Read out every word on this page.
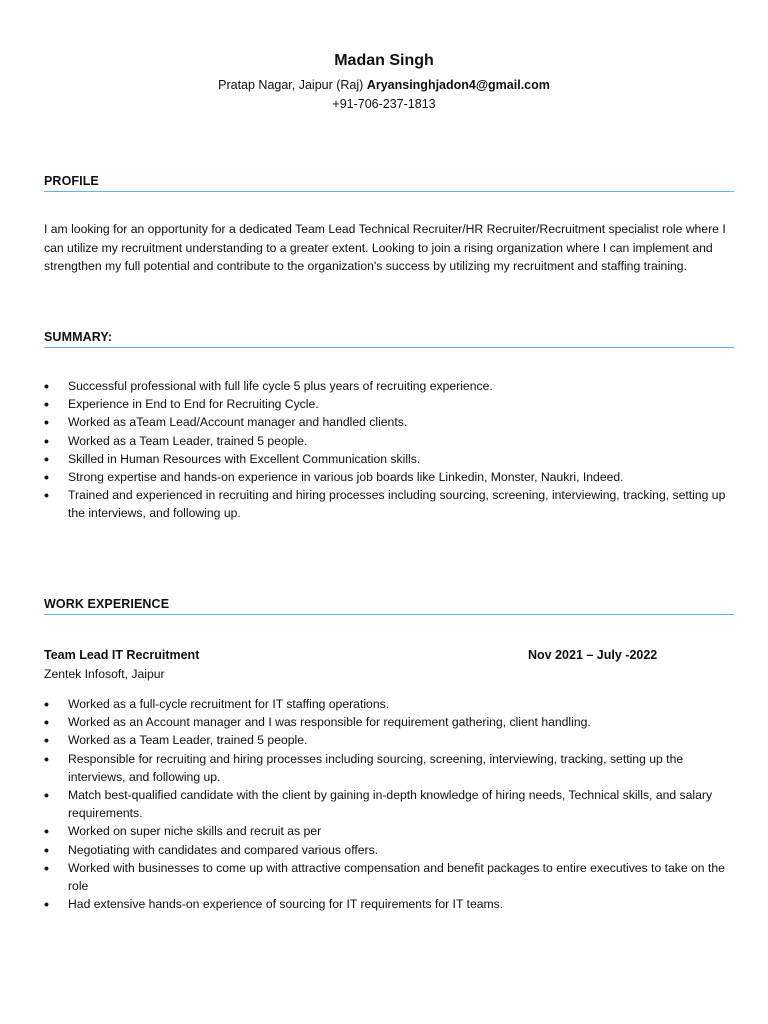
Madan Singh
Pratap Nagar, Jaipur (Raj) Aryansinghjadon4@gmail.com
+91-706-237-1813
PROFILE
I am looking for an opportunity for a dedicated Team Lead Technical Recruiter/HR Recruiter/Recruitment specialist role where I can utilize my recruitment understanding to a greater extent. Looking to join a rising organization where I can implement and strengthen my full potential and contribute to the organization's success by utilizing my recruitment and staffing training.
SUMMARY:
• Successful professional with full life cycle 5 plus years of recruiting experience.
• Experience in End to End for Recruiting Cycle.
• Worked as aTeam Lead/Account manager and handled clients.
• Worked as a Team Leader, trained 5 people.
• Skilled in Human Resources with Excellent Communication skills.
• Strong expertise and hands-on experience in various job boards like Linkedin, Monster, Naukri, Indeed.
• Trained and experienced in recruiting and hiring processes including sourcing, screening, interviewing, tracking, setting up the interviews, and following up.
WORK EXPERIENCE
Team Lead IT Recruitment	Nov 2021 – July -2022
Zentek Infosoft, Jaipur
• Worked as a full-cycle recruitment for IT staffing operations.
• Worked as an Account manager and I was responsible for requirement gathering, client handling.
• Worked as a Team Leader, trained 5 people.
• Responsible for recruiting and hiring processes including sourcing, screening, interviewing, tracking, setting up the interviews, and following up.
• Match best-qualified candidate with the client by gaining in-depth knowledge of hiring needs, Technical skills, and salary requirements.
• Worked on super niche skills and recruit as per
• Negotiating with candidates and compared various offers.
• Worked with businesses to come up with attractive compensation and benefit packages to entire executives to take on the role
• Had extensive hands-on experience of sourcing for IT requirements for IT teams.
